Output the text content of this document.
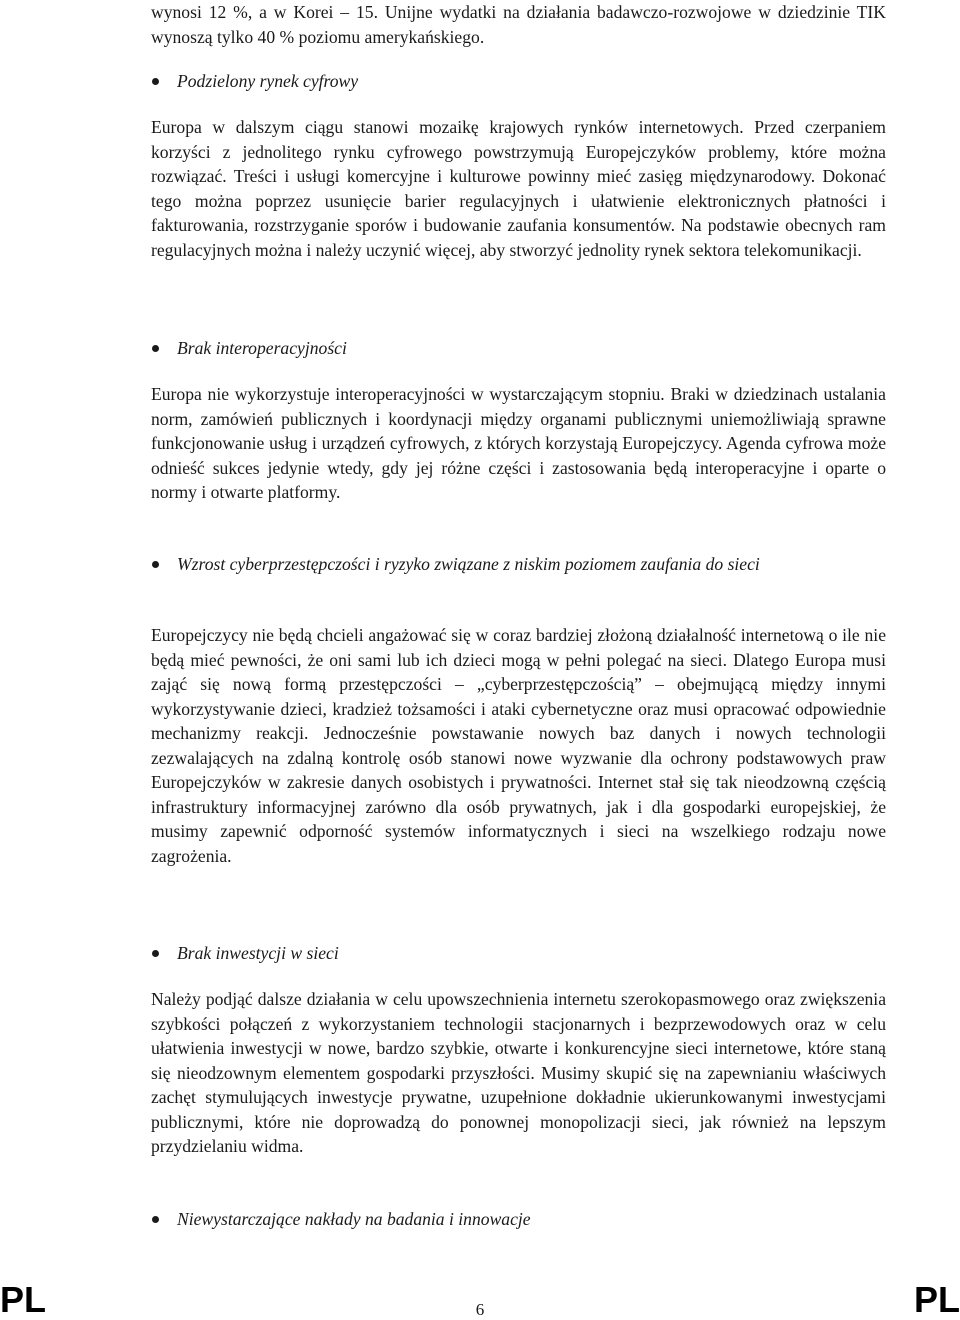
wynosi 12 %, a w Korei – 15. Unijne wydatki na działania badawczo-rozwojowe w dziedzinie TIK wynoszą tylko 40 % poziomu amerykańskiego.

Podzielony rynek cyfrowy

Europa w dalszym ciągu stanowi mozaikę krajowych rynków internetowych. Przed czerpaniem korzyści z jednolitego rynku cyfrowego powstrzymują Europejczyków problemy, które można rozwiązać. Treści i usługi komercyjne i kulturowe powinny mieć zasięg międzynarodowy. Dokonać tego można poprzez usunięcie barier regulacyjnych i ułatwienie elektronicznych płatności i fakturowania, rozstrzyganie sporów i budowanie zaufania konsumentów. Na podstawie obecnych ram regulacyjnych można i należy uczynić więcej, aby stworzyć jednolity rynek sektora telekomunikacji.

Brak interoperacyjności

Europa nie wykorzystuje interoperacyjności w wystarczającym stopniu. Braki w dziedzinach ustalania norm, zamówień publicznych i koordynacji między organami publicznymi uniemożliwiają sprawne funkcjonowanie usług i urządzeń cyfrowych, z których korzystają Europejczycy. Agenda cyfrowa może odnieść sukces jedynie wtedy, gdy jej różne części i zastosowania będą interoperacyjne i oparte o normy i otwarte platformy.

Wzrost cyberprzestępczości i ryzyko związane z niskim poziomem zaufania do sieci

Europejczycy nie będą chcieli angażować się w coraz bardziej złożoną działalność internetową o ile nie będą mieć pewności, że oni sami lub ich dzieci mogą w pełni polegać na sieci. Dlatego Europa musi zająć się nową formą przestępczości – „cyberprzestępczością” – obejmującą między innymi wykorzystywanie dzieci, kradzież tożsamości i ataki cybernetyczne oraz musi opracować odpowiednie mechanizmy reakcji. Jednocześnie powstawanie nowych baz danych i nowych technologii zezwalających na zdalną kontrolę osób stanowi nowe wyzwanie dla ochrony podstawowych praw Europejczyków w zakresie danych osobistych i prywatności. Internet stał się tak nieodzowną częścią infrastruktury informacyjnej zarówno dla osób prywatnych, jak i dla gospodarki europejskiej, że musimy zapewnić odporność systemów informatycznych i sieci na wszelkiego rodzaju nowe zagrożenia.

Brak inwestycji w sieci

Należy podjąć dalsze działania w celu upowszechnienia internetu szerokopasmowego oraz zwiększenia szybkości połączeń z wykorzystaniem technologii stacjonarnych i bezprzewodowych oraz w celu ułatwienia inwestycji w nowe, bardzo szybkie, otwarte i konkurencyjne sieci internetowe, które staną się nieodzownym elementem gospodarki przyszłości. Musimy skupić się na zapewnianiu właściwych zachęt stymulujących inwestycje prywatne, uzupełnione dokładnie ukierunkowanymi inwestycjami publicznymi, które nie doprowadzą do ponownej monopolizacji sieci, jak również na lepszym przydzielaniu widma.

Niewystarczające nakłady na badania i innowacje
PL	6	PL
